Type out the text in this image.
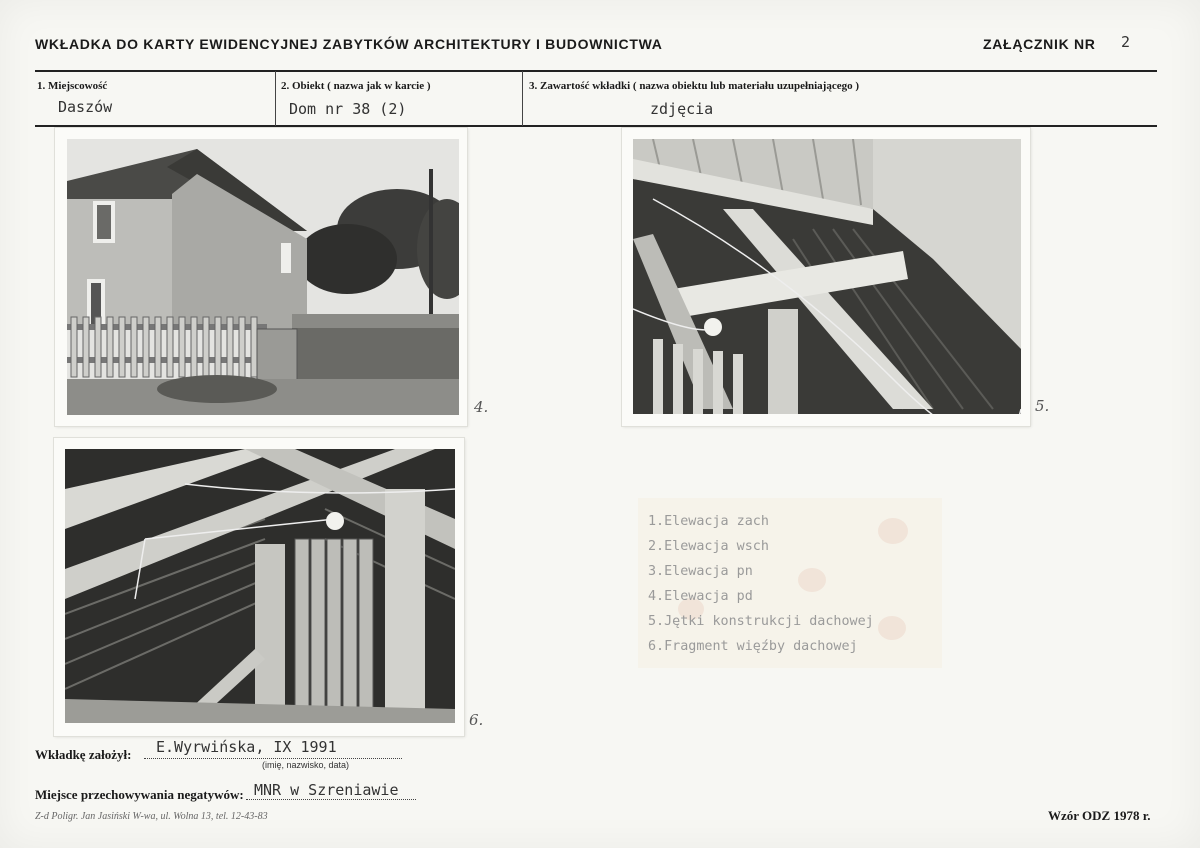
WKŁADKA DO KARTY EWIDENCYJNEJ ZABYTKÓW ARCHITEKTURY I BUDOWNICTWA	ZAŁĄCZNIK NR 2
1. Miejscowość	2. Obiekt ( nazwa jak w karcie )	3. Zawartość wkładki ( nazwa obiektu lub materiału uzupełniającego )
Daszów	Dom nr 38 (2)	zdjęcia
4.	5.
6.
1.Elewacja zach
2.Elewacja wsch
3.Elewacja pn
4.Elewacja pd
5.Jętki konstrukcji dachowej
6.Fragment więźby dachowej
Wkładkę założył: E.Wyrwińska, IX 1991
(imię, nazwisko, data)
Miejsce przechowywania negatywów: MNR w Szreniawie
Z-d Poligr. Jan Jasiński W-wa, ul. Wolna 13, tel. 12-43-83	Wzór ODZ 1978 r.
